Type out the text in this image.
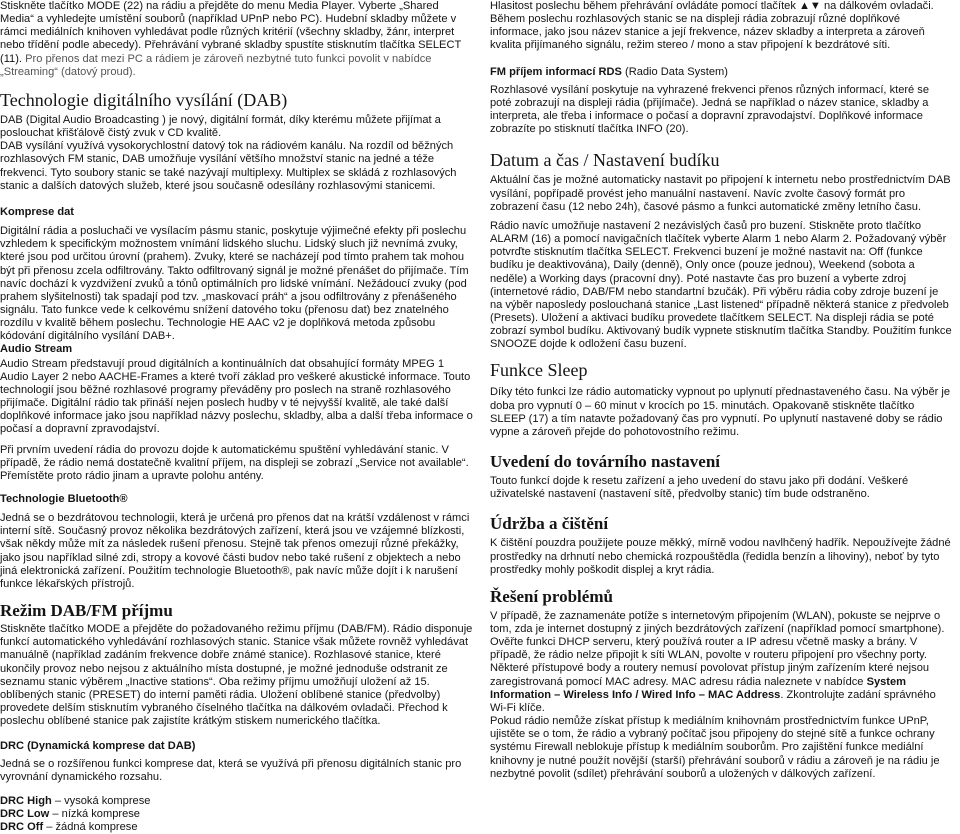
Stiskněte tlačítko MODE (22) na rádiu a přejděte do menu Media Player. Vyberte „Shared Media“ a vyhledejte umístění souborů (například UPnP nebo PC). Hudební skladby můžete v rámci mediálních knihoven vyhledávat podle různých kritérií (všechny skladby, žánr, interpret nebo třídění podle abecedy). Přehrávání vybrané skladby spustíte stisknutím tlačítka SELECT (11). Pro přenos dat mezi PC a rádiem je zároveň nezbytné tuto funkci povolit v nabídce „Streaming“ (datový proud).

Technologie digitálního vysílání (DAB)

DAB (Digital Audio Broadcasting ) je nový, digitální formát, díky kterému můžete přijímat a poslouchat křišťálově čistý zvuk v CD kvalitě.

DAB vysílání využívá vysokorychlostní datový tok na rádiovém kanálu. Na rozdíl od běžných rozhlasových FM stanic, DAB umožňuje vysílání většího množství stanic na jedné a téže frekvenci. Tyto soubory stanic se také nazývají multiplexy. Multiplex se skládá z rozhlasových stanic a dalších datových služeb, které jsou současně odesílány rozhlasovými stanicemi.

Komprese dat

Digitální rádia a posluchači ve vysílacím pásmu stanic, poskytuje výjimečné efekty při poslechu vzhledem k specifickým možnostem vnímání lidského sluchu. Lidský sluch již nevnímá zvuky, které jsou pod určitou úrovní (prahem). Zvuky, které se nacházejí pod tímto prahem tak mohou být při přenosu zcela odfiltrovány. Takto odfiltrovaný signál je možné přenášet do přijímače. Tím navíc dochází k vyzdvižení zvuků a tónů optimálních pro lidské vnímání. Nežádoucí zvuky (pod prahem slyšitelnosti) tak spadají pod tzv. „maskovací práh“ a jsou odfiltrovány z přenášeného signálu. Tato funkce vede k celkovému snížení datového toku (přenosu dat) bez znatelného rozdílu v kvalitě během poslechu. Technologie HE AAC v2 je doplňková metoda způsobu kódování digitálního vysílání DAB+.

Audio Stream

Audio Stream představují proud digitálních a kontinuálních dat obsahující formáty MPEG 1 Audio Layer 2 nebo AACHE-Frames a které tvoří základ pro veškeré akustické informace. Touto technologií jsou běžné rozhlasové programy převáděny pro poslech na straně rozhlasového přijímače. Digitální rádio tak přináší nejen poslech hudby v té nejvyšší kvalitě, ale také další doplňkové informace jako jsou například názvy poslechu, skladby, alba a další třeba informace o počasí a dopravní zpravodajství.

Při prvním uvedení rádia do provozu dojde k automatickému spuštění vyhledávání stanic. V případě, že rádio nemá dostatečně kvalitní příjem, na displeji se zobrazí „Service not available“. Přemístěte proto rádio jinam a upravte polohu antény.

Technologie Bluetooth®

Jedná se o bezdrátovou technologii, která je určená pro přenos dat na krátší vzdálenost v rámci interní sítě. Současný provoz několika bezdrátových zařízení, která jsou ve vzájemné blízkosti, však někdy může mít za následek rušení přenosu. Stejně tak přenos omezují různé překážky, jako jsou například silné zdi, stropy a kovové části budov nebo také rušení z objektech a nebo jiná elektronická zařízení. Použitím technologie Bluetooth®, pak navíc může dojít i k narušení funkce lékařských přístrojů.

Režim DAB/FM příjmu

Stiskněte tlačítko MODE a přejděte do požadovaného režimu příjmu (DAB/FM). Rádio disponuje funkcí automatického vyhledávání rozhlasových stanic. Stanice však můžete rovněž vyhledávat manuálně (například zadáním frekvence dobře známé stanice). Rozhlasové stanice, které ukončily provoz nebo nejsou z aktuálního místa dostupné, je možné jednoduše odstranit ze seznamu stanic výběrem „Inactive stations“. Oba režimy příjmu umožňují uložení až 15. oblíbených stanic (PRESET) do interní paměti rádia. Uložení oblíbené stanice (předvolby) provedete delším stisknutím vybraného číselného tlačítka na dálkovém ovladači. Přechod k poslechu oblíbené stanice pak zajistíte krátkým stiskem numerického tlačítka.

DRC (Dynamická komprese dat DAB)

Jedná se o rozšířenou funkci komprese dat, která se využívá při přenosu digitálních stanic pro vyrovnání dynamického rozsahu.

DRC High – vysoká komprese

DRC Low – nízká komprese

DRC Off – žádná komprese

Hlasitost poslechu během přehrávání ovládáte pomocí tlačítek ▲▼ na dálkovém ovladači. Během poslechu rozhlasových stanic se na displeji rádia zobrazují různé doplňkové informace, jako jsou název stanice a její frekvence, název skladby a interpreta a zároveň kvalita přijímaného signálu, režim stereo / mono a stav připojení k bezdrátové síti.

FM příjem informací RDS (Radio Data System)

Rozhlasové vysílání poskytuje na vyhrazené frekvenci přenos různých informací, které se poté zobrazují na displeji rádia (přijímače). Jedná se například o název stanice, skladby a interpreta, ale třeba i informace o počasí a dopravní zpravodajství. Doplňkové informace zobrazíte po stisknutí tlačítka INFO (20).

Datum a čas / Nastavení budíku

Aktuální čas je možné automaticky nastavit po připojení k internetu nebo prostřednictvím DAB vysílání, popřípadě provést jeho manuální nastavení. Navíc zvolte časový formát pro zobrazení času (12 nebo 24h), časové pásmo a funkci automatické změny letního času.

Rádio navíc umožňuje nastavení 2 nezávislých časů pro buzení. Stiskněte proto tlačítko ALARM (16) a pomocí navigačních tlačítek vyberte Alarm 1 nebo Alarm 2. Požadovaný výběr potvrďte stisknutím tlačítka SELECT. Frekvenci buzení je možné nastavit na: Off (funkce budíku je deaktivována), Daily (denně), Only once (pouze jednou), Weekend (sobota a neděle) a Working days (pracovní dny). Poté nastavte čas pro buzení a vyberte zdroj (internetové rádio, DAB/FM nebo standartní bzučák). Při výběru rádia coby zdroje buzení je na výběr naposledy poslouchaná stanice „Last listened“ případně některá stanice z předvoleb (Presets). Uložení a aktivaci budíku provedete tlačítkem SELECT. Na displeji rádia se poté zobrazí symbol budíku. Aktivovaný budík vypnete stisknutím tlačítka Standby. Použitím funkce SNOOZE dojde k odložení času buzení.

Funkce Sleep

Díky této funkci lze rádio automaticky vypnout po uplynutí přednastaveného času. Na výběr je doba pro vypnutí 0 – 60 minut v krocích po 15. minutách. Opakovaně stiskněte tlačítko SLEEP (17) a tím natavte požadovaný čas pro vypnutí. Po uplynutí nastavené doby se rádio vypne a zároveň přejde do pohotovostního režimu.

Uvedení do továrního nastavení

Touto funkcí dojde k resetu zařízení a jeho uvedení do stavu jako při dodání. Veškeré uživatelské nastavení (nastavení sítě, předvolby stanic) tím bude odstraněno.

Údržba a čištění

K čištění pouzdra použijete pouze měkký, mírně vodou navlhčený hadřík. Nepoužívejte žádné prostředky na drhnutí nebo chemická rozpouštědla (ředidla benzín a lihoviny), neboť by tyto prostředky mohly poškodit displej a kryt rádia.

Řešení problémů

V případě, že zaznamenáte potíže s internetovým připojením (WLAN), pokuste se nejprve o tom, zda je internet dostupný z jiných bezdrátových zařízení (například pomocí smartphone).

Ověřte funkci DHCP serveru, který používá router a IP adresu včetně masky a brány. V případě, že rádio nelze připojit k síti WLAN, povolte v routeru připojení pro všechny porty. Některé přístupové body a routery nemusí povolovat přístup jiným zařízením které nejsou zaregistrovaná pomocí MAC adresy. MAC adresu rádia naleznete v nabídce System Information – Wireless Info / Wired Info – MAC Address. Zkontrolujte zadání správného Wi-Fi klíče.

Pokud rádio nemůže získat přístup k mediálním knihovnám prostřednictvím funkce UPnP, ujistěte se o tom, že rádio a vybraný počítač jsou připojeny do stejné sítě a funkce ochrany systému Firewall neblokuje přístup k mediálním souborům. Pro zajištění funkce mediální knihovny je nutné použít novější (starší) přehrávání souborů v rádiu a zároveň je na rádiu je nezbytné povolit (sdílet) přehrávání souborů a uložených v dálkových zařízení.
